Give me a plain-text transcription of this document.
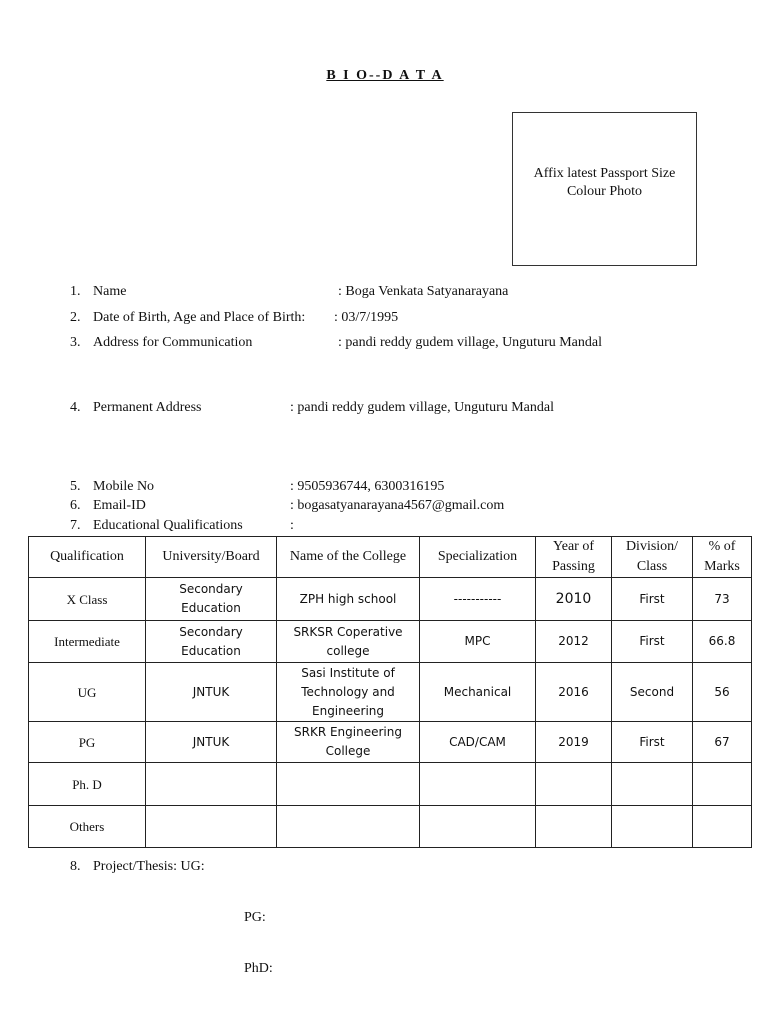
B I O--D A T A
Affix latest Passport Size
Colour Photo
1. Name	: Boga Venkata Satyanarayana
2. Date of Birth, Age and Place of Birth: : 03/7/1995
3. Address for Communication	: pandi reddy gudem village, Unguturu Mandal
4. Permanent Address	: pandi reddy gudem village, Unguturu Mandal
5. Mobile No	: 9505936744, 6300316195
6. Email-ID	: bogasatyanarayana4567@gmail.com
7. Educational Qualifications	:
Qualification	University/Board	Name of the College	Specialization	Year of Passing	Division/ Class	% of Marks
X Class	Secondary Education	ZPH high school	-----------	2010	First	73
Intermediate	Secondary Education	SRKSR Coperative college	MPC	2012	First	66.8
UG	JNTUK	Sasi Institute of Technology and Engineering	Mechanical	2016	Second	56
PG	JNTUK	SRKR Engineering College	CAD/CAM	2019	First	67
Ph. D						
Others						
8. Project/Thesis: UG:
PG:
PhD:
